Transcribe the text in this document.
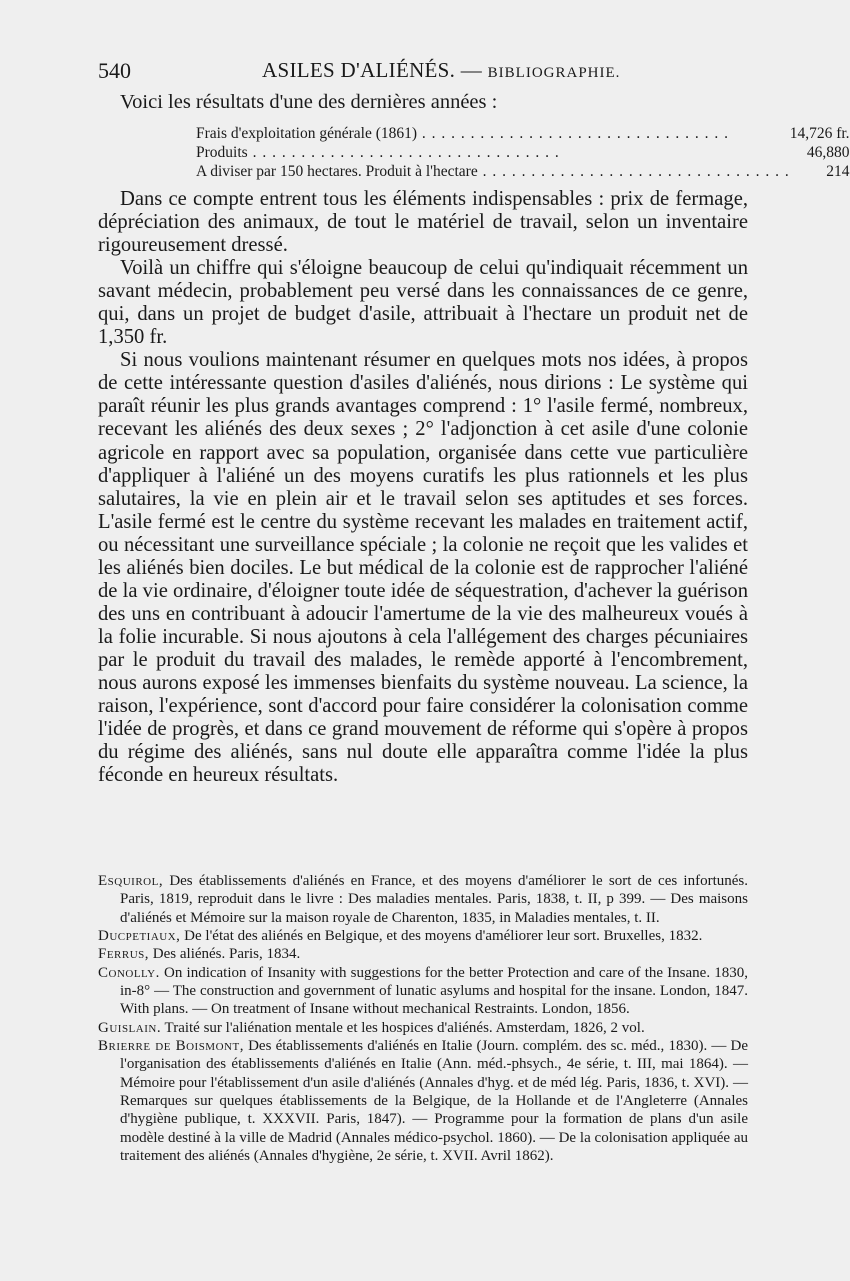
540	ASILES D'ALIÉNÉS. — BIBLIOGRAPHIE.
Voici les résultats d'une des dernières années :
Frais d'exploitation générale (1861) . . .	14,726 fr.
Produits . . .	46,880
A diviser par 150 hectares. Produit à l'hectare . . .	214

Dans ce compte entrent tous les éléments indispensables : prix de fermage, dépréciation des animaux, de tout le matériel de travail, selon un inventaire rigoureusement dressé.

Voilà un chiffre qui s'éloigne beaucoup de celui qu'indiquait récemment un savant médecin, probablement peu versé dans les connaissances de ce genre, qui, dans un projet de budget d'asile, attribuait à l'hectare un produit net de 1,350 fr.

Si nous voulions maintenant résumer en quelques mots nos idées, à propos de cette intéressante question d'asiles d'aliénés, nous dirions : Le système qui paraît réunir les plus grands avantages comprend : 1° l'asile fermé, nombreux, recevant les aliénés des deux sexes ; 2° l'adjonction à cet asile d'une colonie agricole en rapport avec sa population, organisée dans cette vue particulière d'appliquer à l'aliéné un des moyens curatifs les plus rationnels et les plus salutaires, la vie en plein air et le travail selon ses aptitudes et ses forces. L'asile fermé est le centre du système recevant les malades en traitement actif, ou nécessitant une surveillance spéciale ; la colonie ne reçoit que les valides et les aliénés bien dociles. Le but médical de la colonie est de rapprocher l'aliéné de la vie ordinaire, d'éloigner toute idée de séquestration, d'achever la guérison des uns en contribuant à adoucir l'amertume de la vie des malheureux voués à la folie incurable. Si nous ajoutons à cela l'allégement des charges pécuniaires par le produit du travail des malades, le remède apporté à l'encombrement, nous aurons exposé les immenses bienfaits du système nouveau. La science, la raison, l'expérience, sont d'accord pour faire considérer la colonisation comme l'idée de progrès, et dans ce grand mouvement de réforme qui s'opère à propos du régime des aliénés, sans nul doute elle apparaîtra comme l'idée la plus féconde en heureux résultats.

Esquirol, Des établissements d'aliénés en France, et des moyens d'améliorer le sort de ces infortunés. Paris, 1819, reproduit dans le livre : Des maladies mentales. Paris, 1838, t. II, p 399. — Des maisons d'aliénés et Mémoire sur la maison royale de Charenton, 1835, in Maladies mentales, t. II.

Ducpetiaux, De l'état des aliénés en Belgique, et des moyens d'améliorer leur sort. Bruxelles, 1832.

Ferrus, Des aliénés. Paris, 1834.

Conolly. On indication of Insanity with suggestions for the better Protection and care of the Insane. 1830, in-8° — The construction and government of lunatic asylums and hospital for the insane. London, 1847. With plans. — On treatment of Insane without mechanical Restraints. London, 1856.

Guislain. Traité sur l'aliénation mentale et les hospices d'aliénés. Amsterdam, 1826, 2 vol.

Brierre de Boismont, Des établissements d'aliénés en Italie (Journ. complém. des sc. méd., 1830). — De l'organisation des établissements d'aliénés en Italie (Ann. méd.-phsych., 4e série, t. III, mai 1864). — Mémoire pour l'établissement d'un asile d'aliénés (Annales d'hyg. et de méd lég. Paris, 1836, t. XVI). — Remarques sur quelques établissements de la Belgique, de la Hollande et de l'Angleterre (Annales d'hygiène publique, t. XXXVII. Paris, 1847). — Programme pour la formation de plans d'un asile modèle destiné à la ville de Madrid (Annales médico-psychol. 1860). — De la colonisation appliquée au traitement des aliénés (Annales d'hygiène, 2e série, t. XVII. Avril 1862).
